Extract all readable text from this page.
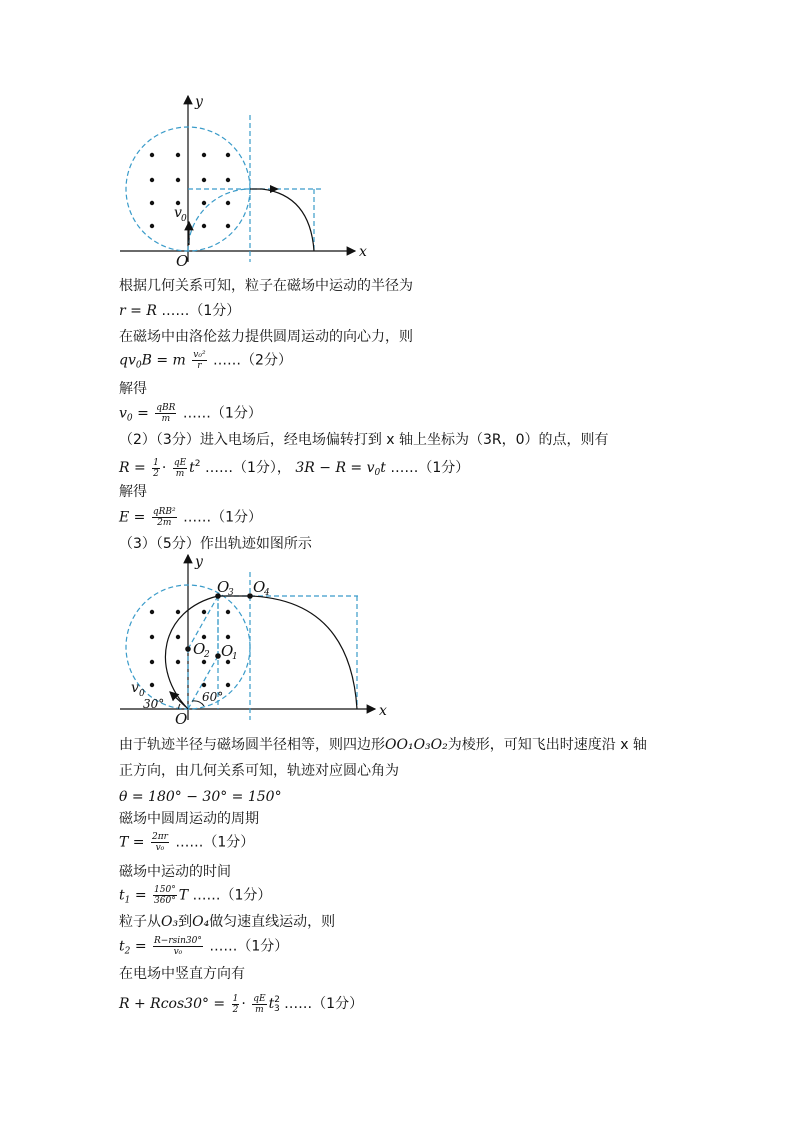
y
x
O
v 0
y
x
O
O
3 O
4
O
2 O
1
v 0
30°	60°
根据几何关系可知，粒子在磁场中运动的半径为
r = R ……（1分）
在磁场中由洛伦兹力提供圆周运动的向心力，则
$qv_0B = m \frac{\text{v₀²}}{r}$ ……（2分）
解得
$v_0 = \frac{\text{qBR}}{m}$ ……（1分）
（2）（3分）进入电场后，经电场偏转打到 x 轴上坐标为（3R，0）的点，则有
$R = \frac{1}{2} \cdot \frac{qE}{m} t^2$ ……（1分）， $3R - R = v_0t$ ……（1分）
解得
$E = \frac{\text{qRB²}}{2m}$ ……（1分）
（3）（5分）作出轨迹如图所示
由于轨迹半径与磁场圆半径相等，则四边形OO₁O₃O₂为棱形，可知飞出时速度沿 x 轴
正方向，由几何关系可知，轨迹对应圆心角为
θ = 180° − 30° = 150°
磁场中圆周运动的周期
$T = \frac{2\pi r}{\text{v₀}}$ ……（1分）
磁场中运动的时间
$t_1 = \frac{150^\circ}{360^\circ}$ T ……（1分）
粒子从O₃到O₄做匀速直线运动，则
$t_2 = \frac{R-rsin30^\circ}{\text{v₀}}$ ……（1分）
在电场中竖直方向有
$R + Rcos30^\circ = \frac{1}{2} \cdot \frac{qE}{m} t^2_3$ ……（1分）
